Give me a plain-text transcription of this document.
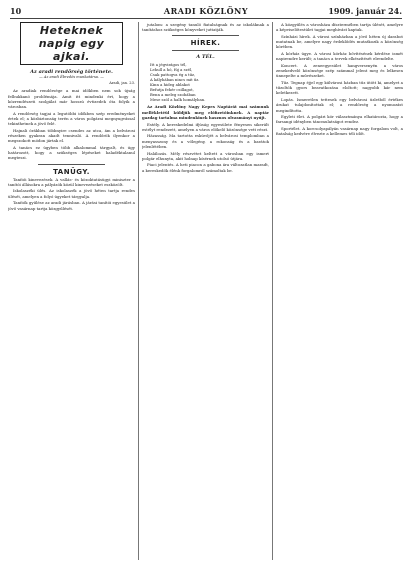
10	ARADI KÖZLÖNY	1909. január 24.
Heteknek napig egy ajkai.
Az aradi rendőrség története.
— Az aradi Ébredés munkatársa. —
Aradi, jan. 23.

Az aradiak rendőrsége a mai időkben nem sok újság felbukkanó problémája. Amit itt mindenki ért, hogy a közrendészeti szolgálat már hosszú évtizedek óta folyik a városban.

A rendőrség tagjai a legutóbbi időkben szép eredményeket értek el; a közbiztonság terén a város polgárai megnyugvással tekinthetnek a jövő felé.

Hajnali órákban többnyire csendes az utca, ám a belvárosi részeken gyakran akadt tennivaló. A rendőrök ilyenkor a megszokott módon jártak el.

A tanács ez ügyben több alkalommal tárgyalt, és úgy határozott, hogy a szükséges lépéseket haladéktalanul megteszi.

TANÜGY.

Tanítói kinevezések. A vallás- és közoktatásügyi miniszter a tanítói állásokra a pályázók közül kinevezéseket eszközölt.

Iskolaszéki ülés. Az iskolaszék a jövő héten tartja rendes ülését, amelyen a folyó ügyeket tárgyalja.

Tanítók gyűlése az aradi járásban. A járási tanítói egyesület a jövő vasárnap tartja közgyűlését.

jutalom: a szegény tanuló fiatalságnak és az iskoláknak a tanításhoz szükséges könyveket juttatják.

HÍREK.
A TÉL.
Itt a jégvirágos tél,
Lehull a hó, fúj a szél,
Csak pattogva ég a tűz,
A kályhában nincs mit űz.
Kinn a hideg ablakot
Befutja fehér csillagot,
Benn a meleg szobában
Mese szól a halk homályban.

Az Aradi Közlöny Nagy Kepes Naptárát mai számunk mellékletéül küldjük meg előfizetőinknek. A naptár gazdag tartalma mindenkinek hasznos olvasmányt nyújt.

Estély. A kereskedelmi ifjúság egyesülete fényesen sikerült estélyt rendezett, amelyen a város előkelő közönsége vett részt.

Házasság. Ma tartotta esküvőjét a belvárosi templomban a menyasszony és a vőlegény, a rokonság és a barátok jelenlétében.

Halálozás. Mély részvétet keltett a városban egy ismert polgár elhunyta, akit holnap kísérnek utolsó útjára.

Piaci jelentés. A heti piacon a gabona ára változatlan maradt, a kereskedők élénk forgalomról számoltak be.

A közgyűlés a városháza dísztermében tartja ülését, amelyre a képviselőtestület tagjai meghívást kaptak.

Színházi hírek. A városi színházban a jövő héten új darabot mutatnak be, amelyre nagy érdeklődés mutatkozik a közönség körében.

A kórház ügye. A városi kórház bővítésének kérdése ismét napirendre került; a tanács a tervek elkészítését elrendelte.

Koncert. A zeneegyesület hangversenyén a város zenekedvelő közönsége szép számmal jelent meg és lelkesen ünnepelte a művészeket.

Tűz. Tegnap éjjel egy külvárosi házban tűz ütött ki, amelyet a tűzoltók gyors beavatkozása eloltott; nagyobb kár nem keletkezett.

Lopás. Ismeretlen tettesek egy belvárosi üzletből értékes árukat tulajdonítottak el; a rendőrség a nyomozást megindította.

Egyleti élet. A polgári kör választmánya elhatározta, hogy a farsangi idényben táncmulatságot rendez.

Sportélet. A korcsolyapályán vasárnap nagy forgalom volt, a fiatalság kedvére élvezte a kellemes téli időt.
